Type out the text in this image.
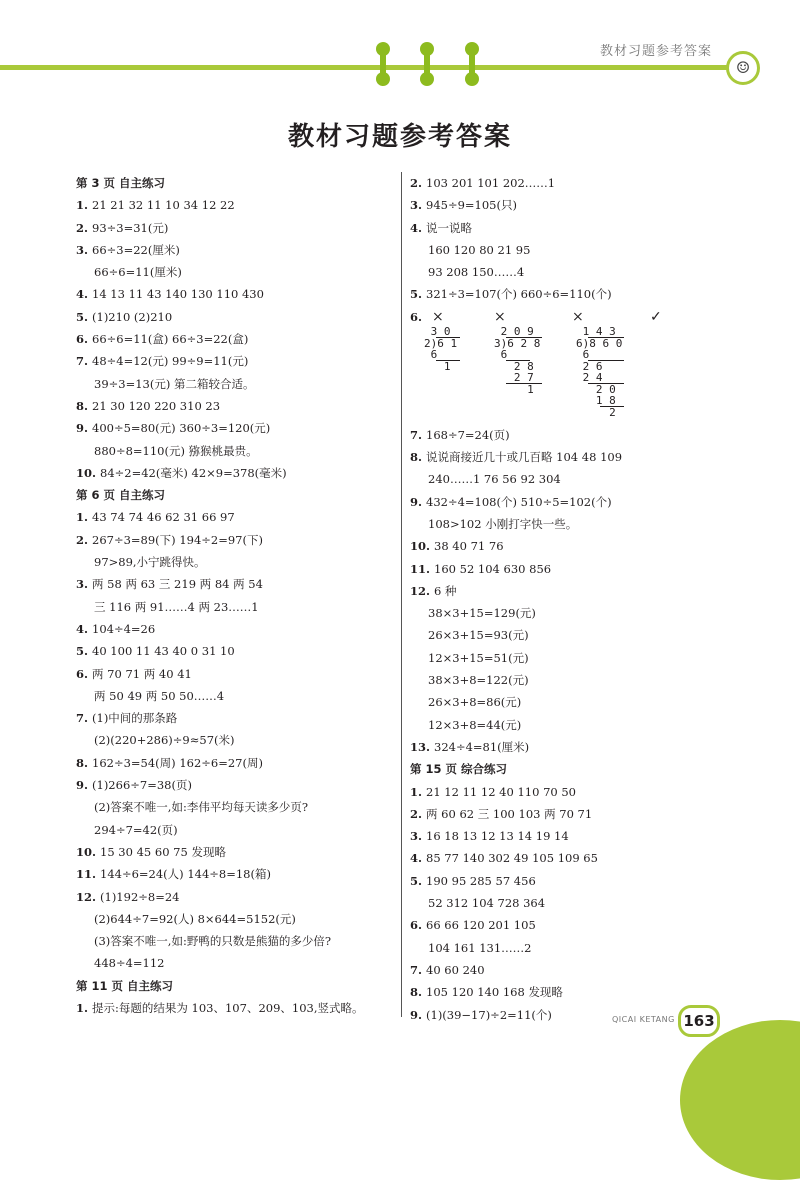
教材习题参考答案
☺
教材习题参考答案
第 3 页 自主练习
1. 21 21 32 11 10 34 12 22
2. 93÷3=31(元)
3. 66÷3=22(厘米)
66÷6=11(厘米)
4. 14 13 11 43 140 130 110 430
5. (1)210 (2)210
6. 66÷6=11(盒) 66÷3=22(盒)
7. 48÷4=12(元) 99÷9=11(元)
39÷3=13(元) 第二箱较合适。
8. 21 30 120 220 310 23
9. 400÷5=80(元) 360÷3=120(元)
880÷8=110(元) 猕猴桃最贵。
10. 84÷2=42(毫米) 42×9=378(毫米)
第 6 页 自主练习
1. 43 74 74 46 62 31 66 97
2. 267÷3=89(下) 194÷2=97(下)
97>89,小宁跳得快。
3. 两 58 两 63 三 219 两 84 两 54
三 116 两 91……4 两 23……1
4. 104÷4=26
5. 40 100 11 43 40 0 31 10
6. 两 70 71 两 40 41
两 50 49 两 50 50……4
7. (1)中间的那条路
(2)(220+286)÷9≈57(米)
8. 162÷3=54(周) 162÷6=27(周)
9. (1)266÷7=38(页)
(2)答案不唯一,如:李伟平均每天读多少页?
294÷7=42(页)
10. 15 30 45 60 75 发现略
11. 144÷6=24(人) 144÷8=18(箱)
12. (1)192÷8=24
(2)644÷7=92(人) 8×644=5152(元)
(3)答案不唯一,如:野鸭的只数是熊猫的多少倍?
448÷4=112
第 11 页 自主练习
1. 提示:每题的结果为 103、107、209、103,竖式略。
2. 103 201 101 202……1
3. 945÷9=105(只)
4. 说一说略
160 120 80 21 95
93 208 150……4
5. 321÷3=107(个) 660÷6=110(个)
6. ×	×	×	✓
3 0
2)6 1
6
1
2 0 9
3)6 2 8
6
2 8
2 7
1
1 4 3
6)8 6 0
6
2 6
2 4
2 0
1 8
2
7. 168÷7=24(页)
8. 说说商接近几十或几百略 104 48 109
240……1 76 56 92 304
9. 432÷4=108(个) 510÷5=102(个)
108>102 小刚打字快一些。
10. 38 40 71 76
11. 160 52 104 630 856
12. 6 种
38×3+15=129(元)
26×3+15=93(元)
12×3+15=51(元)
38×3+8=122(元)
26×3+8=86(元)
12×3+8=44(元)
13. 324÷4=81(厘米)
第 15 页 综合练习
1. 21 12 11 12 40 110 70 50
2. 两 60 62 三 100 103 两 70 71
3. 16 18 13 12 13 14 19 14
4. 85 77 140 302 49 105 109 65
5. 190 95 285 57 456
52 312 104 728 364
6. 66 66 120 201 105
104 161 131……2
7. 40 60 240
8. 105 120 140 168 发现略
9. (1)(39−17)÷2=11(个)	QICAI KETANG 163
